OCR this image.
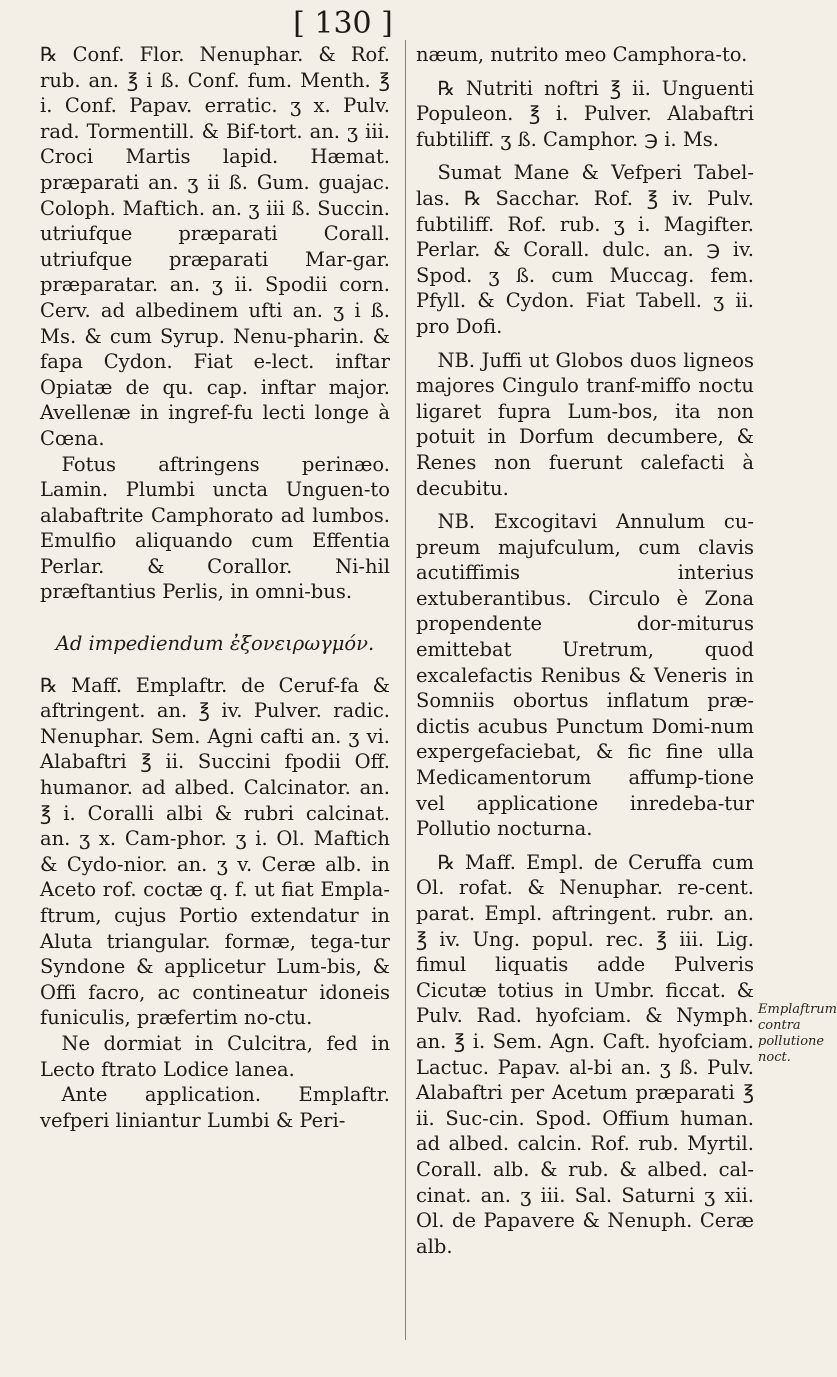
[ 130 ]

℞ Conf. Flor. Nenuphar. & Rof. rub. an. ℥ i ß. Conf. fum. Menth. ℥ i. Conf. Papav. erratic. ʒ x. Pulv. rad. Tormentill. & Bif-tort. an. ʒ iii. Croci Martis lapid. Hæmat. præparati an. ʒ ii ß. Gum. guajac. Coloph. Maftich. an. ʒ iii ß. Succin. utriufque præparati Corall. utriufque præparati Mar-gar. præparatar. an. ʒ ii. Spodii corn. Cerv. ad albedinem ufti an. ʒ i ß. Ms. & cum Syrup. Nenu-pharin. & fapa Cydon. Fiat e-lect. inftar Opiatæ de qu. cap. inftar major. Avellenæ in ingref-fu lecti longe à Cœna.

Fotus aftringens perinæo. Lamin. Plumbi uncta Unguen-to alabaftrite Camphorato ad lumbos. Emulfio aliquando cum Effentia Perlar. & Corallor. Ni-hil præftantius Perlis, in omni-bus.

Ad impediendum ἐξονειρωγμόν.

℞ Maff. Emplaftr. de Ceruf-fa & aftringent. an. ℥ iv. Pulver. radic. Nenuphar. Sem. Agni cafti an. ʒ vi. Alabaftri ℥ ii. Succini fpodii Off. humanor. ad albed. Calcinator. an. ℥ i. Coralli albi & rubri calcinat. an. ʒ x. Cam-phor. ʒ i. Ol. Maftich & Cydo-nior. an. ʒ v. Ceræ alb. in Aceto rof. coctæ q. f. ut fiat Empla-ftrum, cujus Portio extendatur in Aluta triangular. formæ, tega-tur Syndone & applicetur Lum-bis, & Offi facro, ac contineatur idoneis funiculis, præfertim no-ctu.

Ne dormiat in Culcitra, fed in Lecto ftrato Lodice lanea.

Ante application. Emplaftr. vefperi liniantur Lumbi & Peri-

næum, nutrito meo Camphora-to.

℞ Nutriti noftri ℥ ii. Unguenti Populeon. ℥ i. Pulver. Alabaftri fubtiliff. ʒ ß. Camphor. ℈ i. Ms.

Sumat Mane & Vefperi Tabel-las. ℞ Sacchar. Rof. ℥ iv. Pulv. fubtiliff. Rof. rub. ʒ i. Magifter. Perlar. & Corall. dulc. an. ℈ iv. Spod. ʒ ß. cum Muccag. fem. Pfyll. & Cydon. Fiat Tabell. ʒ ii. pro Dofi.

NB. Juffi ut Globos duos ligneos majores Cingulo tranf-miffo noctu ligaret fupra Lum-bos, ita non potuit in Dorfum decumbere, & Renes non fuerunt calefacti à decubitu.

NB. Excogitavi Annulum cu-preum majufculum, cum clavis acutiffimis interius extuberantibus. Circulo è Zona propendente dor-miturus emittebat Uretrum, quod excalefactis Renibus & Veneris in Somniis obortus inflatum præ-dictis acubus Punctum Domi-num expergefaciebat, & fic fine ulla Medicamentorum affump-tione vel applicatione inredeba-tur Pollutio nocturna.

℞ Maff. Empl. de Ceruffa cum Ol. rofat. & Nenuphar. re-cent. parat. Empl. aftringent. rubr. an. ℥ iv. Ung. popul. rec. ℥ iii. Lig. fimul liquatis adde Pulveris Cicutæ totius in Umbr. ficcat. & Pulv. Rad. hyofciam. & Nymph. an. ℥ i. Sem. Agn. Caft. hyofciam. Lactuc. Papav. al-bi an. ʒ ß. Pulv. Alabaftri per Acetum præparati ℥ ii. Suc-cin. Spod. Offium human. ad albed. calcin. Rof. rub. Myrtil. Corall. alb. & rub. & albed. cal-cinat. an. ʒ iii. Sal. Saturni ʒ xii. Ol. de Papavere & Nenuph. Ceræ alb.

Emplaftrum contra pollutione noct.
